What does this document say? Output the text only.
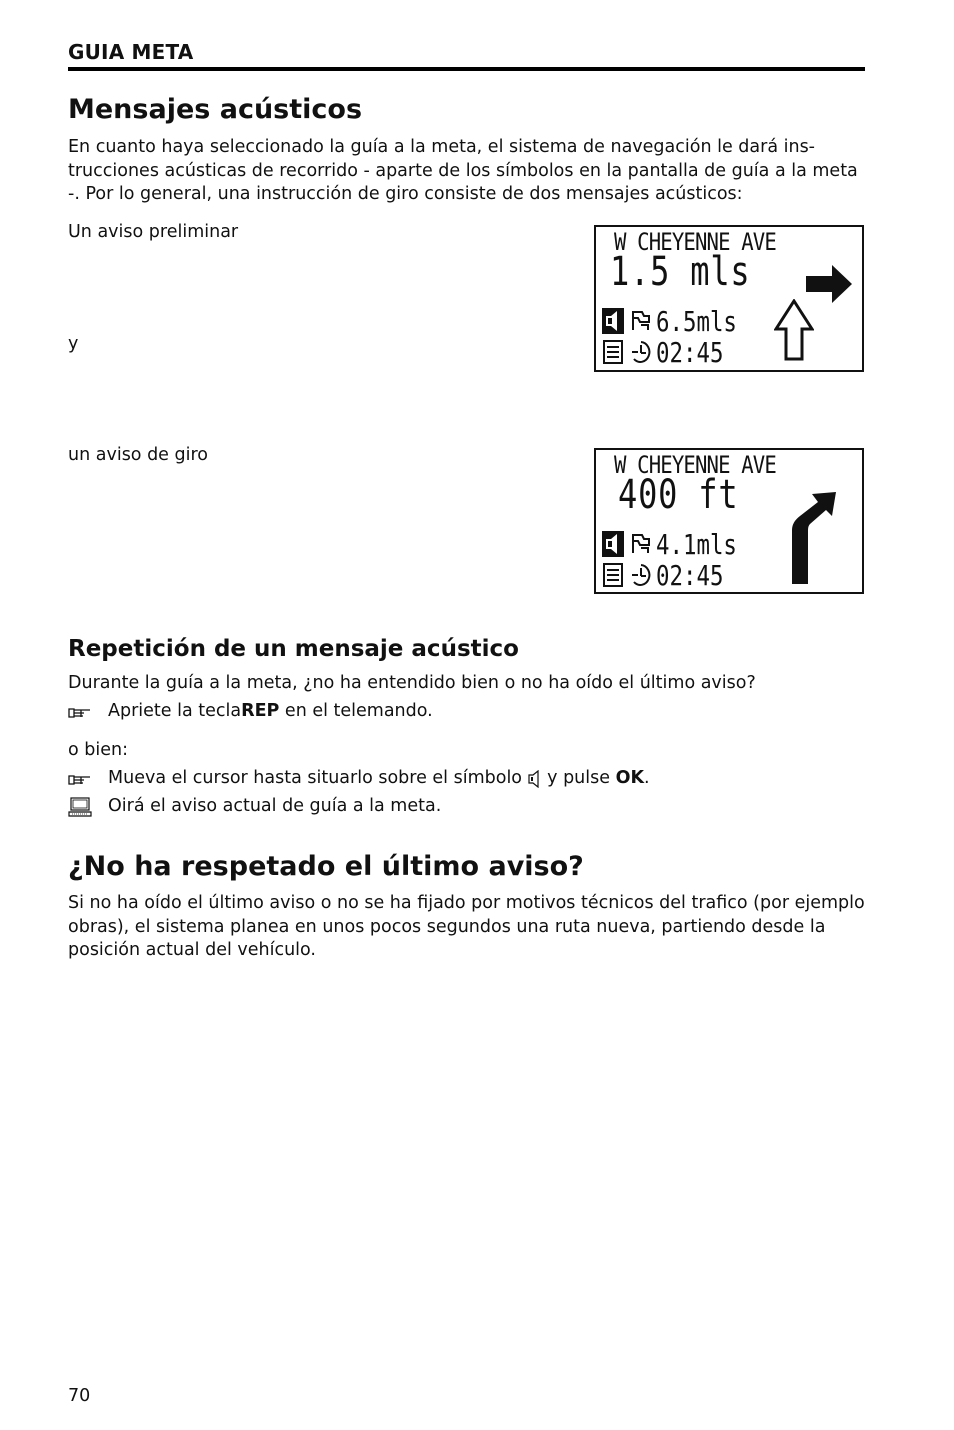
GUIA META
Mensajes acústicos
En cuanto haya seleccionado la guía a la meta, el sistema de navegación le dará ins-trucciones acústicas de recorrido - aparte de los símbolos en la pantalla de guía a la meta -. Por lo general, una instrucción de giro consiste de dos mensajes acústicos:
Un aviso preliminar
y
un aviso de giro
W CHEYENNE AVE
1.5 mls
6.5mls
02:45
W CHEYENNE AVE
400 ft
4.1mls
02:45
Repetición de un mensaje acústico
Durante la guía a la meta, ¿no ha entendido bien o no ha oído el último aviso?
Apriete la tecla REP en el telemando.
o bien:
Mueva el cursor hasta situarlo sobre el símbolo y pulse OK .
Oirá el aviso actual de guía a la meta.
¿No ha respetado el último aviso?
Si no ha oído el último aviso o no se ha fijado por motivos técnicos del trafico (por ejemplo obras), el sistema planea en unos pocos segundos una ruta nueva, partiendo desde la posición actual del vehículo.
70
